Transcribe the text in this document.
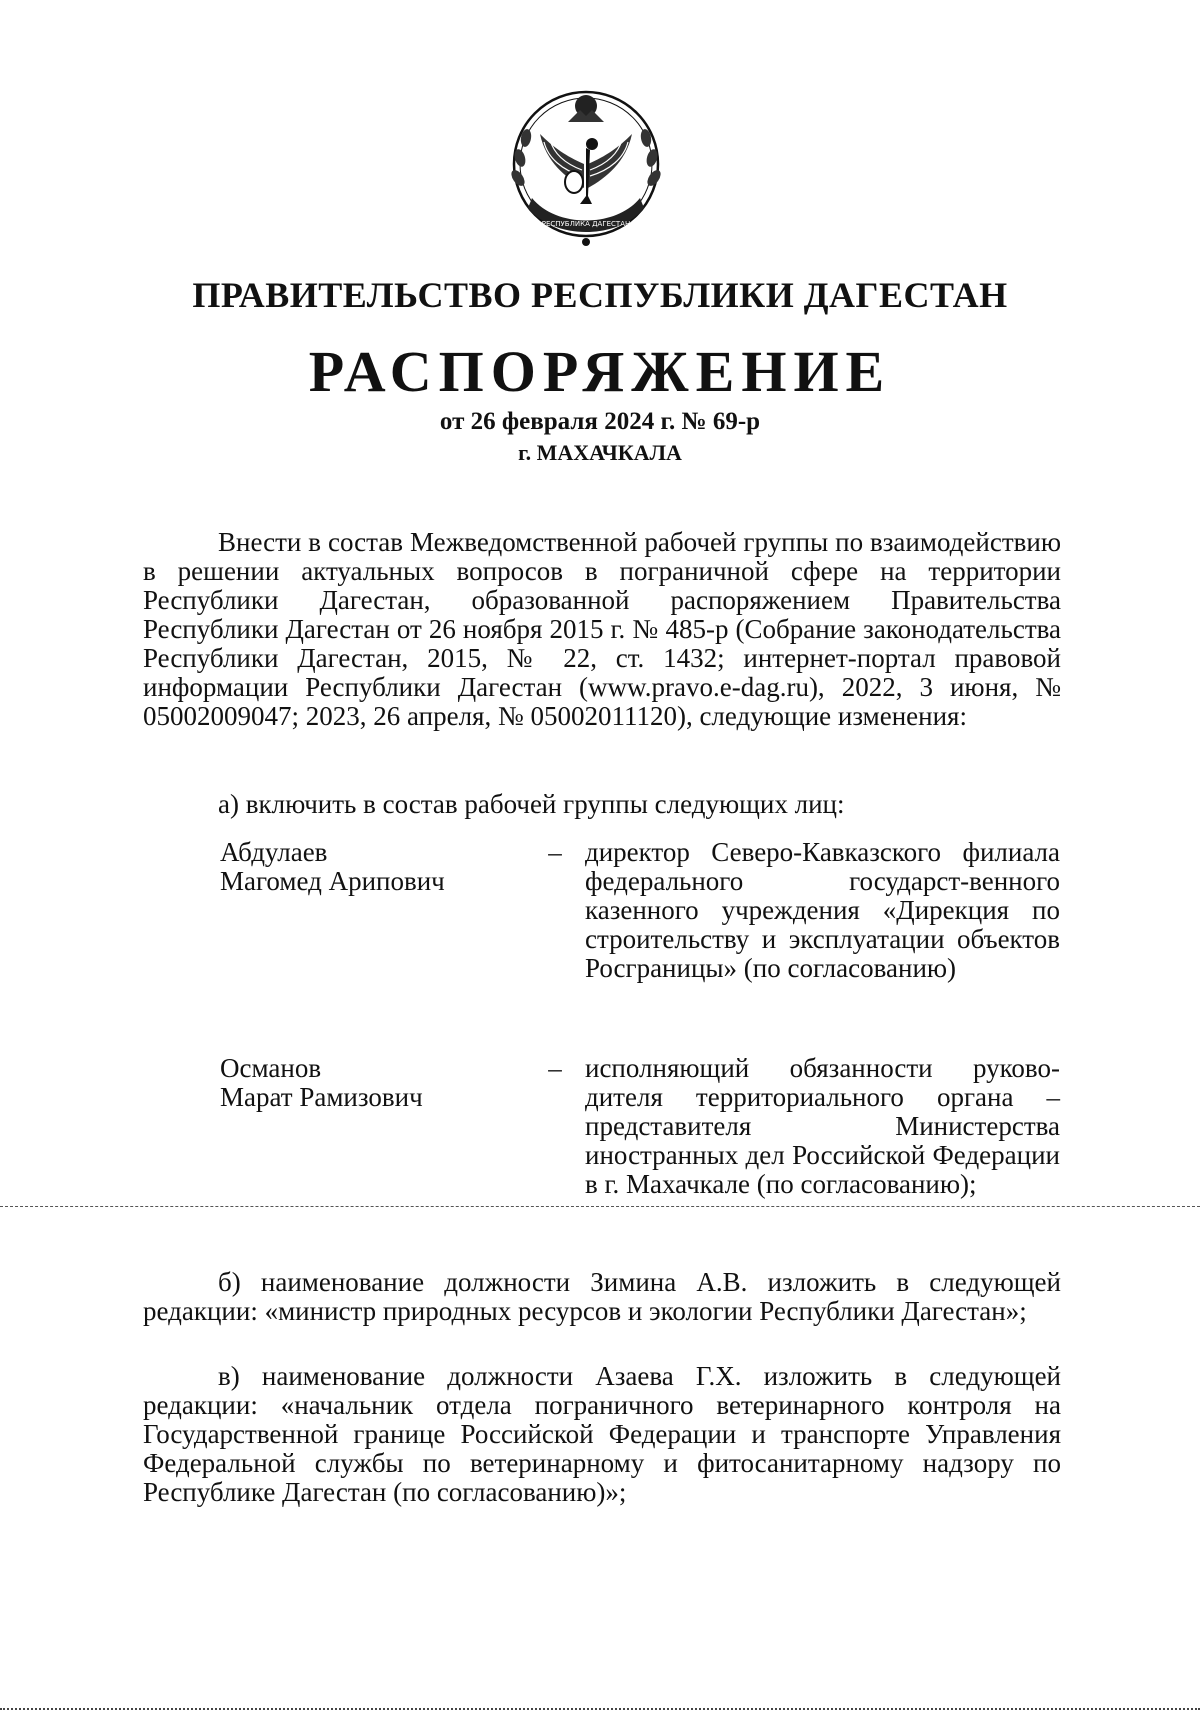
РЕСПУБЛИКА ДАГЕСТАН
ПРАВИТЕЛЬСТВО РЕСПУБЛИКИ ДАГЕСТАН
РАСПОРЯЖЕНИЕ

от 26 февраля 2024 г. № 69-р

г. МАХАЧКАЛА

Внести в состав Межведомственной рабочей группы по взаимодействию в решении актуальных вопросов в пограничной сфере на территории Республики Дагестан, образованной распоряжением Правительства Республики Дагестан от 26 ноября 2015 г. № 485-р (Собрание законодательства Республики Дагестан, 2015, № 22, ст. 1432; интернет-портал правовой информации Республики Дагестан (www.pravo.e-dag.ru), 2022, 3 июня, № 05002009047; 2023, 26 апреля, № 05002011120), следующие изменения:

а) включить в состав рабочей группы следующих лиц:

Абдулаев
Магомед Арипович
– директор Северо-Кавказского филиала федерального государст-венного казенного учреждения «Дирекция по строительству и эксплуатации объектов Росграницы» (по согласованию)
Османов
Марат Рамизович
– исполняющий обязанности руково-дителя территориального органа – представителя Министерства иностранных дел Российской Федерации в г. Махачкале (по согласованию);

б) наименование должности Зимина А.В. изложить в следующей редакции: «министр природных ресурсов и экологии Республики Дагестан»;

в) наименование должности Азаева Г.Х. изложить в следующей редакции: «начальник отдела пограничного ветеринарного контроля на Государственной границе Российской Федерации и транспорте Управления Федеральной службы по ветеринарному и фитосанитарному надзору по Республике Дагестан (по согласованию)»;
